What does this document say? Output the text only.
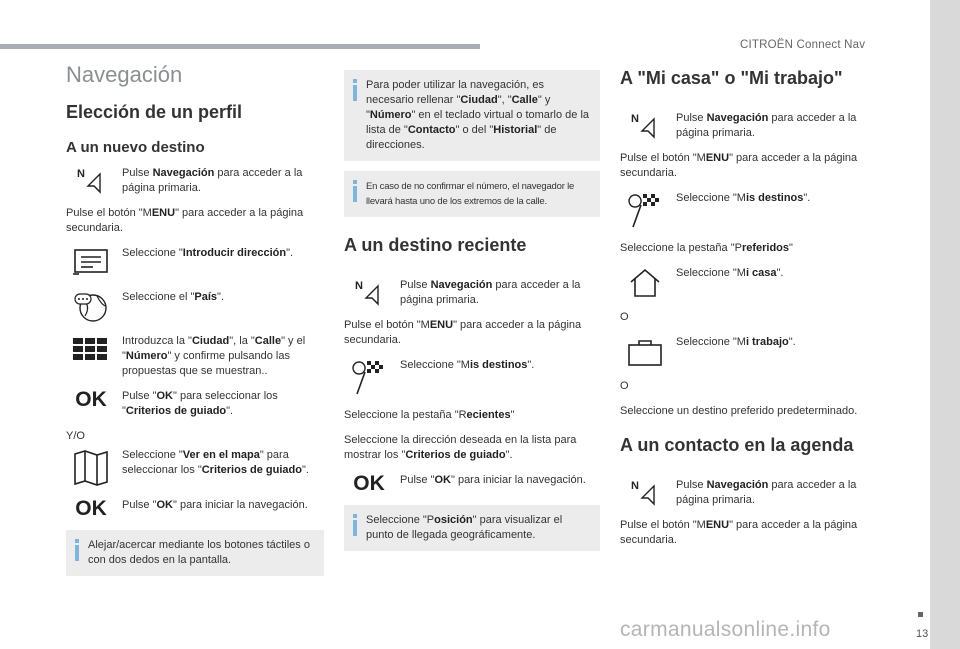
CITROËN Connect Nav
Navegación
Elección de un perfil
A un nuevo destino
N	Pulse Navegación para acceder a la página primaria.
Pulse el botón "MENU" para acceder a la página secundaria.
Seleccione "Introducir dirección".
Seleccione el "País".
Introduzca la "Ciudad", la "Calle" y el "Número" y confirme pulsando las propuestas que se muestran..
OK	Pulse "OK" para seleccionar los "Criterios de guiado".
Y/O
Seleccione "Ver en el mapa" para seleccionar los "Criterios de guiado".
OK	Pulse "OK" para iniciar la navegación.
Alejar/acercar mediante los botones táctiles o con dos dedos en la pantalla.
Para poder utilizar la navegación, es necesario rellenar "Ciudad", "Calle" y "Número" en el teclado virtual o tomarlo de la lista de "Contacto" o del "Historial" de direcciones.
En caso de no confirmar el número, el navegador le llevará hasta uno de los extremos de la calle.
A un destino reciente
N	Pulse Navegación para acceder a la página primaria.
Pulse el botón "MENU" para acceder a la página secundaria.
Seleccione "Mis destinos".
Seleccione la pestaña "Recientes"
Seleccione la dirección deseada en la lista para mostrar los "Criterios de guiado".
OK	Pulse "OK" para iniciar la navegación.
Seleccione "Posición" para visualizar el punto de llegada geográficamente.
A "Mi casa" o "Mi trabajo"
N	Pulse Navegación para acceder a la página primaria.
Pulse el botón "MENU" para acceder a la página secundaria.
Seleccione "Mis destinos".
Seleccione la pestaña "Preferidos"
Seleccione "Mi casa".
O
Seleccione "Mi trabajo".
O
Seleccione un destino preferido predeterminado.
A un contacto en la agenda
N	Pulse Navegación para acceder a la página primaria.
Pulse el botón "MENU" para acceder a la página secundaria.
13
carmanualsonline.info
